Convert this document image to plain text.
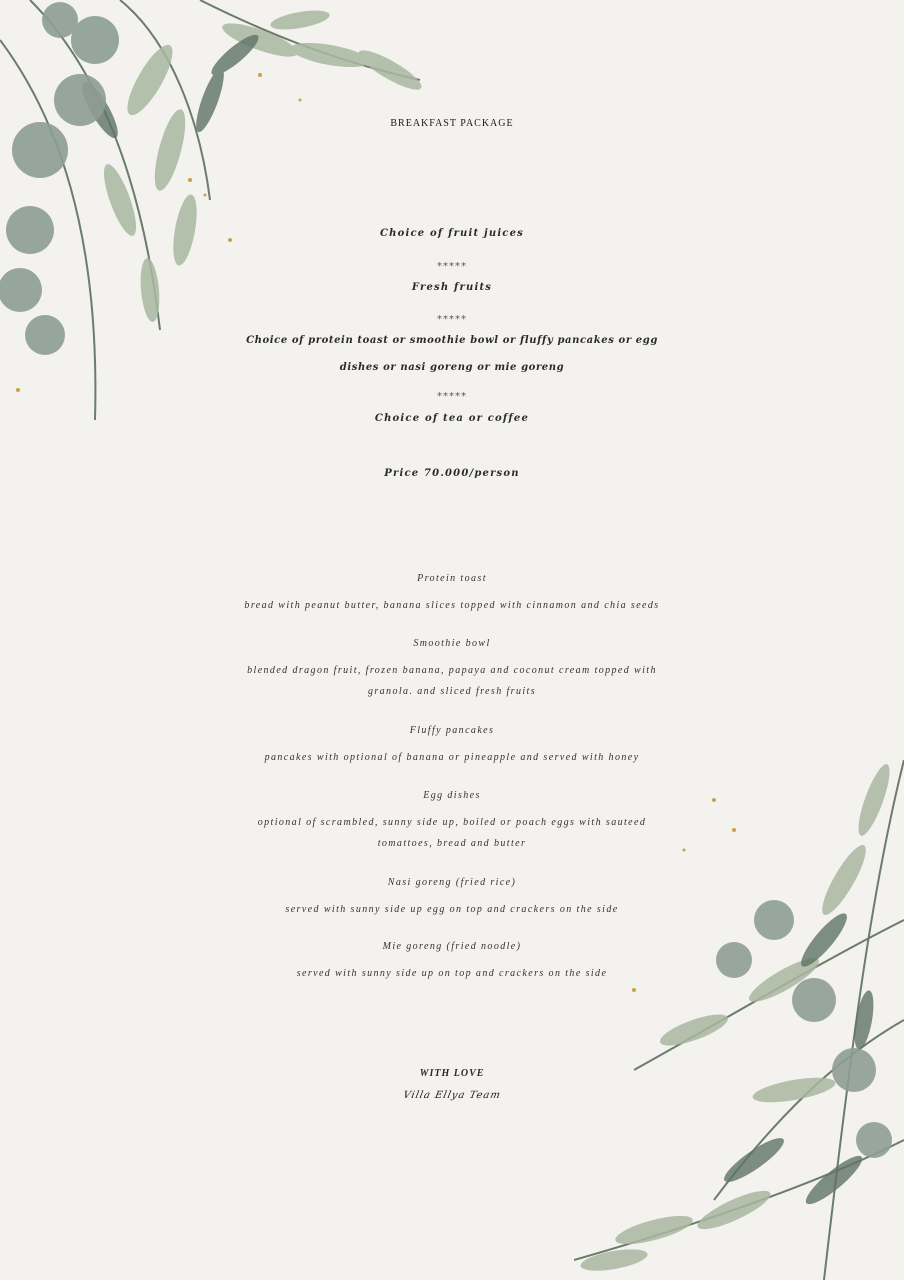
BREAKFAST PACKAGE
Choice of fruit juices
*****
Fresh fruits
*****
Choice of protein toast or smoothie bowl or fluffy pancakes or egg
dishes or nasi goreng or mie goreng
*****
Choice of tea or coffee
Price 70.000/person
Protein toast
bread with peanut butter, banana slices topped with cinnamon and chia seeds
Smoothie bowl
blended dragon fruit, frozen banana, papaya and coconut cream topped with
granola. and sliced fresh fruits
Fluffy pancakes
pancakes with optional of banana or pineapple and served with honey
Egg dishes
optional of scrambled, sunny side up, boiled or poach eggs with sauteed
tomattoes, bread and butter
Nasi goreng (fried rice)
served with sunny side up egg on top and crackers on the side
Mie goreng (fried noodle)
served with sunny side up on top and crackers on the side
WITH LOVE
Villa Ellya Team
